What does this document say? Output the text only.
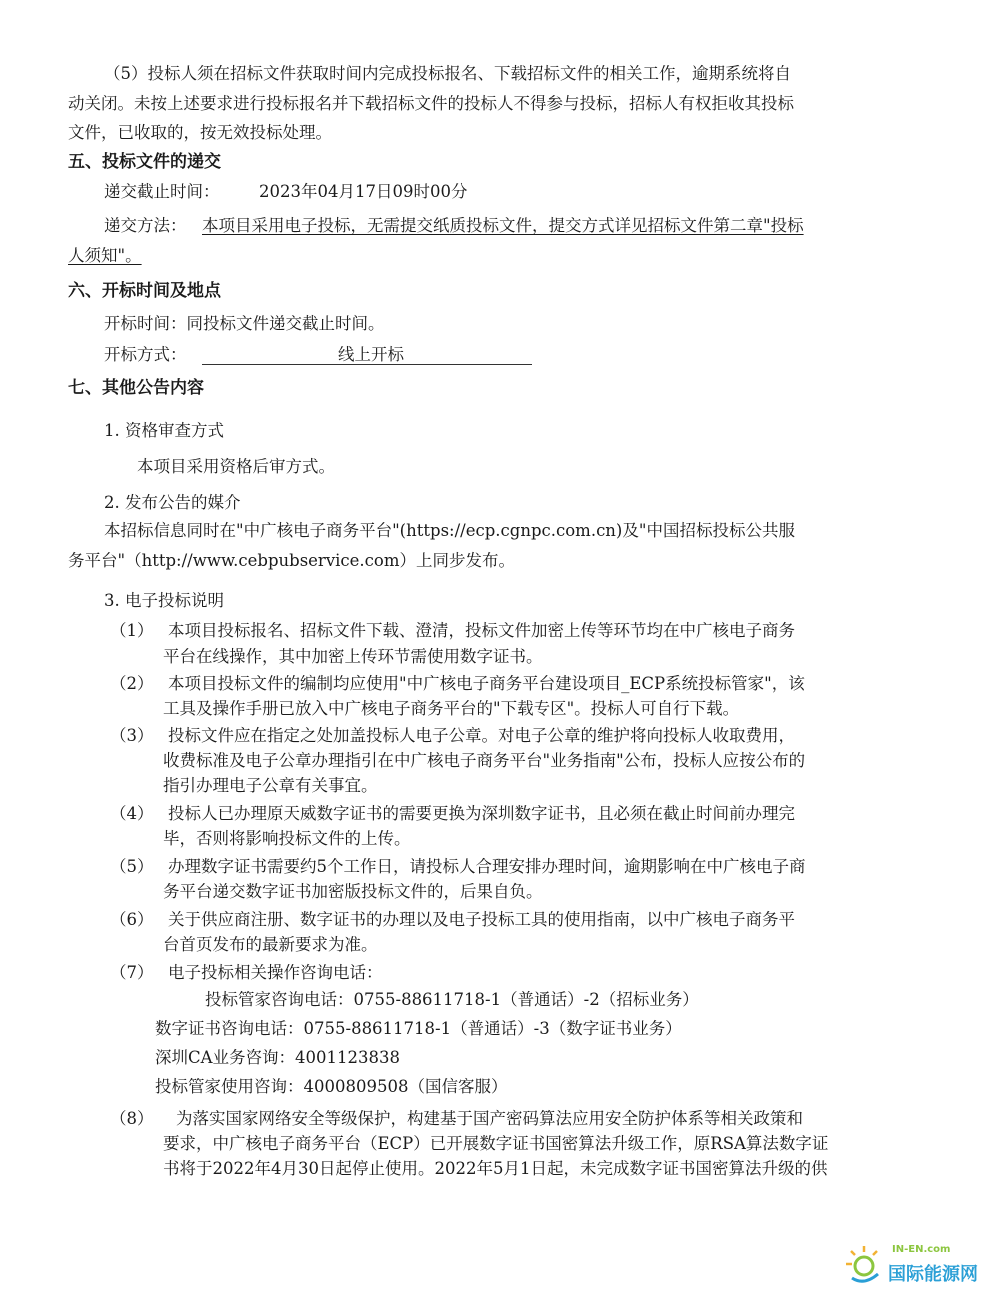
（5）投标人须在招标文件获取时间内完成投标报名、下载招标文件的相关工作，逾期系统将自
动关闭。未按上述要求进行投标报名并下载招标文件的投标人不得参与投标，招标人有权拒收其投标
文件，已收取的，按无效投标处理。
五、投标文件的递交
递交截止时间： 2023年04月17日09时00分
递交方法： 本项目采用电子投标，无需提交纸质投标文件，提交方式详见招标文件第二章"投标
人须知"。
六、开标时间及地点
开标时间：同投标文件递交截止时间。
开标方式：	线上开标
七、其他公告内容
1. 资格审查方式
本项目采用资格后审方式。
2. 发布公告的媒介
本招标信息同时在"中广核电子商务平台"(https://ecp.cgnpc.com.cn)及"中国招标投标公共服
务平台"（http://www.cebpubservice.com）上同步发布。
3. 电子投标说明
（1） 本项目投标报名、招标文件下载、澄清，投标文件加密上传等环节均在中广核电子商务
平台在线操作，其中加密上传环节需使用数字证书。
（2） 本项目投标文件的编制均应使用"中广核电子商务平台建设项目_ECP系统投标管家"，该
工具及操作手册已放入中广核电子商务平台的"下载专区"。投标人可自行下载。
（3） 投标文件应在指定之处加盖投标人电子公章。对电子公章的维护将向投标人收取费用，
收费标准及电子公章办理指引在中广核电子商务平台"业务指南"公布，投标人应按公布的
指引办理电子公章有关事宜。
（4） 投标人已办理原天威数字证书的需要更换为深圳数字证书，且必须在截止时间前办理完
毕，否则将影响投标文件的上传。
（5） 办理数字证书需要约5个工作日，请投标人合理安排办理时间，逾期影响在中广核电子商
务平台递交数字证书加密版投标文件的，后果自负。
（6） 关于供应商注册、数字证书的办理以及电子投标工具的使用指南，以中广核电子商务平
台首页发布的最新要求为准。
（7） 电子投标相关操作咨询电话：
投标管家咨询电话：0755-88611718-1（普通话）-2（招标业务）
数字证书咨询电话：0755-88611718-1（普通话）-3（数字证书业务）
深圳CA业务咨询：4001123838
投标管家使用咨询：4000809508（国信客服）
（8） 为落实国家网络安全等级保护，构建基于国产密码算法应用安全防护体系等相关政策和
要求，中广核电子商务平台（ECP）已开展数字证书国密算法升级工作，原RSA算法数字证
书将于2022年4月30日起停止使用。2022年5月1日起，未完成数字证书国密算法升级的供
IN-EN.com
国际能源网
